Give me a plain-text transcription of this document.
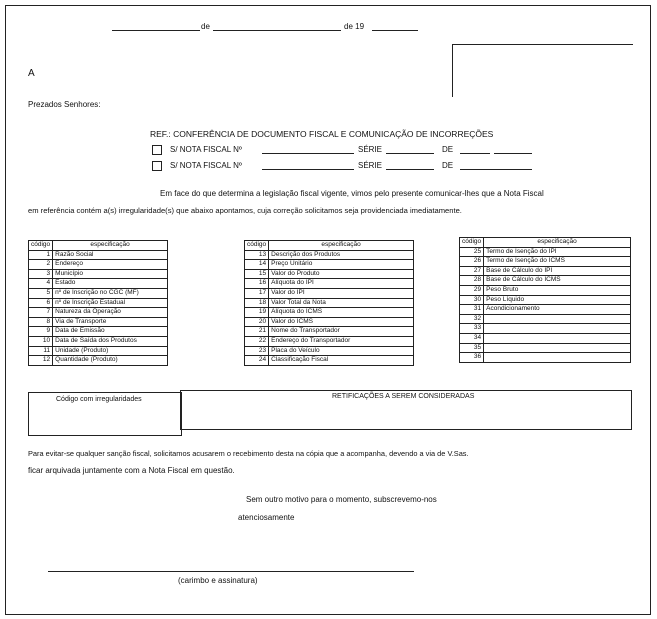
de	de 19
A
Prezados Senhores:
REF.: CONFERÊNCIA DE DOCUMENTO FISCAL E COMUNICAÇÃO DE INCORREÇÕES
S/ NOTA FISCAL Nº	SÉRIE	DE
S/ NOTA FISCAL Nº	SÉRIE	DE
Em face do que determina a legislação fiscal vigente, vimos pelo presente comunicar-lhes que a Nota Fiscal
em referência contém a(s) irregularidade(s) que abaixo apontamos, cuja correção solicitamos seja providenciada imediatamente.
código	especificação
1	Razão Social
2	Endereço
3	Município
4	Estado
5	nº de Inscrição no CGC (MF)
6	nº de Inscrição Estadual
7	Natureza da Operação
8	Via de Transporte
9	Data de Emissão
10	Data de Saída dos Produtos
11	Unidade (Produto)
12	Quantidade (Produto)
código	especificação
13	Descrição dos Produtos
14	Preço Unitário
15	Valor do Produto
16	Alíquota do IPI
17	Valor do IPI
18	Valor Total da Nota
19	Alíquota do ICMS
20	Valor do ICMS
21	Nome do Transportador
22	Endereço do Transportador
23	Placa do Veículo
24	Classificação Fiscal
código	especificação
25	Termo de Isenção do IPI
26	Termo de Isenção do ICMS
27	Base de Cálculo do IPI
28	Base de Cálculo do ICMS
29	Peso Bruto
30	Peso Líquido
31	Acondicionamento
32	
33	
34	
35	
36	
Código com irregularidades	RETIFICAÇÕES A SEREM CONSIDERADAS
Para evitar-se qualquer sanção fiscal, solicitamos acusarem o recebimento desta na cópia que a acompanha, devendo a via de V.Sas.
ficar arquivada juntamente com a Nota Fiscal em questão.
Sem outro motivo para o momento, subscrevemo-nos
atenciosamente
(carimbo e assinatura)
